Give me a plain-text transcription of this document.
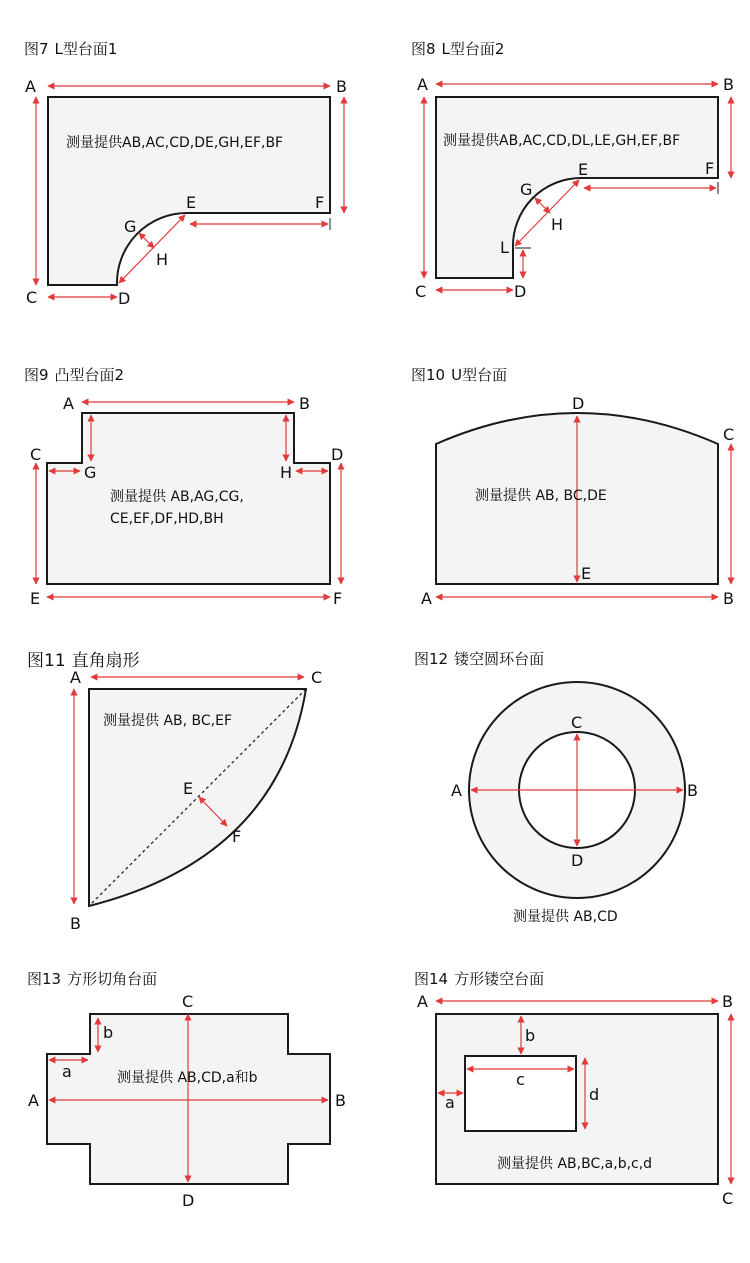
图7 L型台面1
A	B
C	D
E	F
G
H
测量提供AB,AC,CD,DE,GH,EF,BF
图8 L型台面2
A	B
C	D
E	F
G
H
L
测量提供AB,AC,CD,DL,LE,GH,EF,BF
图9 凸型台面2
A	B
C	D
E	F
G	H
测量提供 AB,AG,CG,
CE,EF,DF,HD,BH
图10 U型台面
A	B
C
D
E
测量提供 AB, BC,DE
图11 直角扇形
A
B
C
E
F
测量提供 AB, BC,EF
图12 镂空圆环台面
A	B
C
D
测量提供 AB,CD
图13 方形切角台面
A	B
C
D
a
b
测量提供 AB,CD,a和b
图14 方形镂空台面
A	B
C
a
b
c
d
测量提供 AB,BC,a,b,c,d
